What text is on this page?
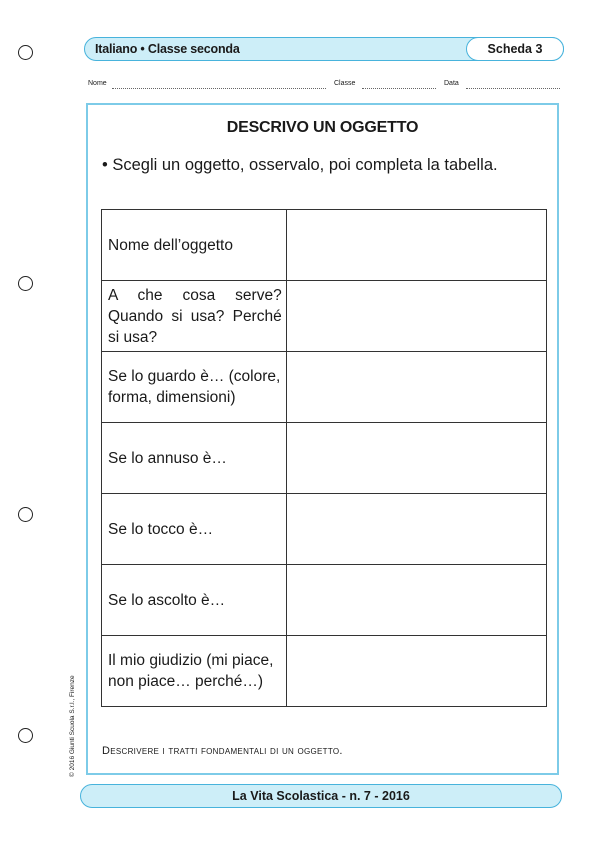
Italiano • Classe seconda	Scheda 3
Nome	Classe	Data
DESCRIVO UN OGGETTO
• Scegli un oggetto, osservalo, poi completa la tabella.
Nome dell’oggetto	
A che cosa serve? Quando si usa? Perché si usa?	
Se lo guardo è… (colore, forma, dimensioni)	
Se lo annuso è…	
Se lo tocco è…	
Se lo ascolto è…	
Il mio giudizio (mi piace, non piace… perché…)	
Descrivere i tratti fondamentali di un oggetto.
© 2016 Giunti Scuola S.r.l., Firenze
La Vita Scolastica - n. 7 - 2016
